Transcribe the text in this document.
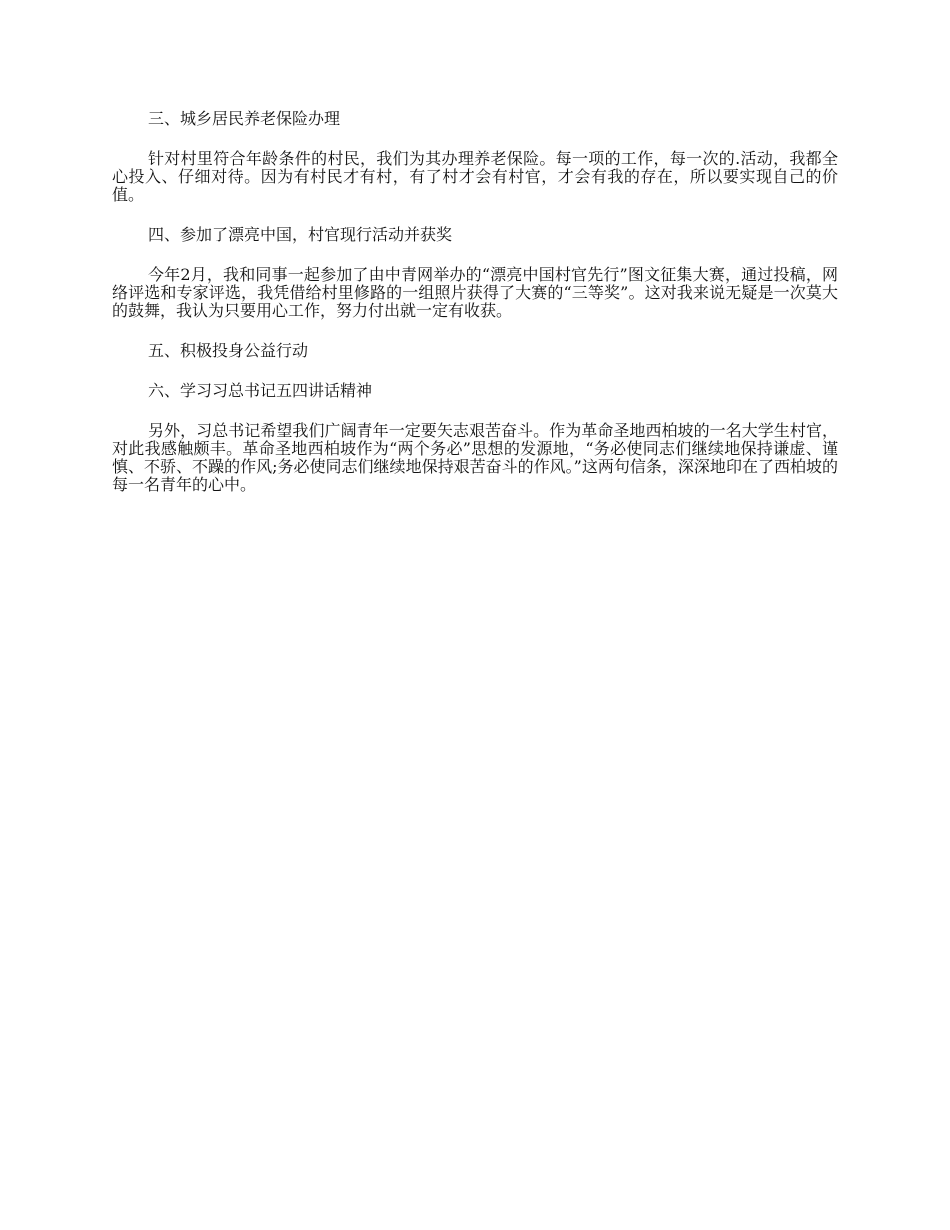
三、城乡居民养老保险办理

针对村里符合年龄条件的村民，我们为其办理养老保险。每一项的工作，每一次的.活动，我都全心投入、仔细对待。因为有村民才有村，有了村才会有村官，才会有我的存在，所以要实现自己的价值。

四、参加了漂亮中国，村官现行活动并获奖

今年2月，我和同事一起参加了由中青网举办的“漂亮中国村官先行”图文征集大赛，通过投稿，网络评选和专家评选，我凭借给村里修路的一组照片获得了大赛的“三等奖”。这对我来说无疑是一次莫大的鼓舞，我认为只要用心工作，努力付出就一定有收获。

五、积极投身公益行动

六、学习习总书记五四讲话精神

另外，习总书记希望我们广阔青年一定要矢志艰苦奋斗。作为革命圣地西柏坡的一名大学生村官，对此我感触颇丰。革命圣地西柏坡作为“两个务必”思想的发源地，“务必使同志们继续地保持谦虚、谨慎、不骄、不躁的作风;务必使同志们继续地保持艰苦奋斗的作风。”这两句信条，深深地印在了西柏坡的每一名青年的心中。
